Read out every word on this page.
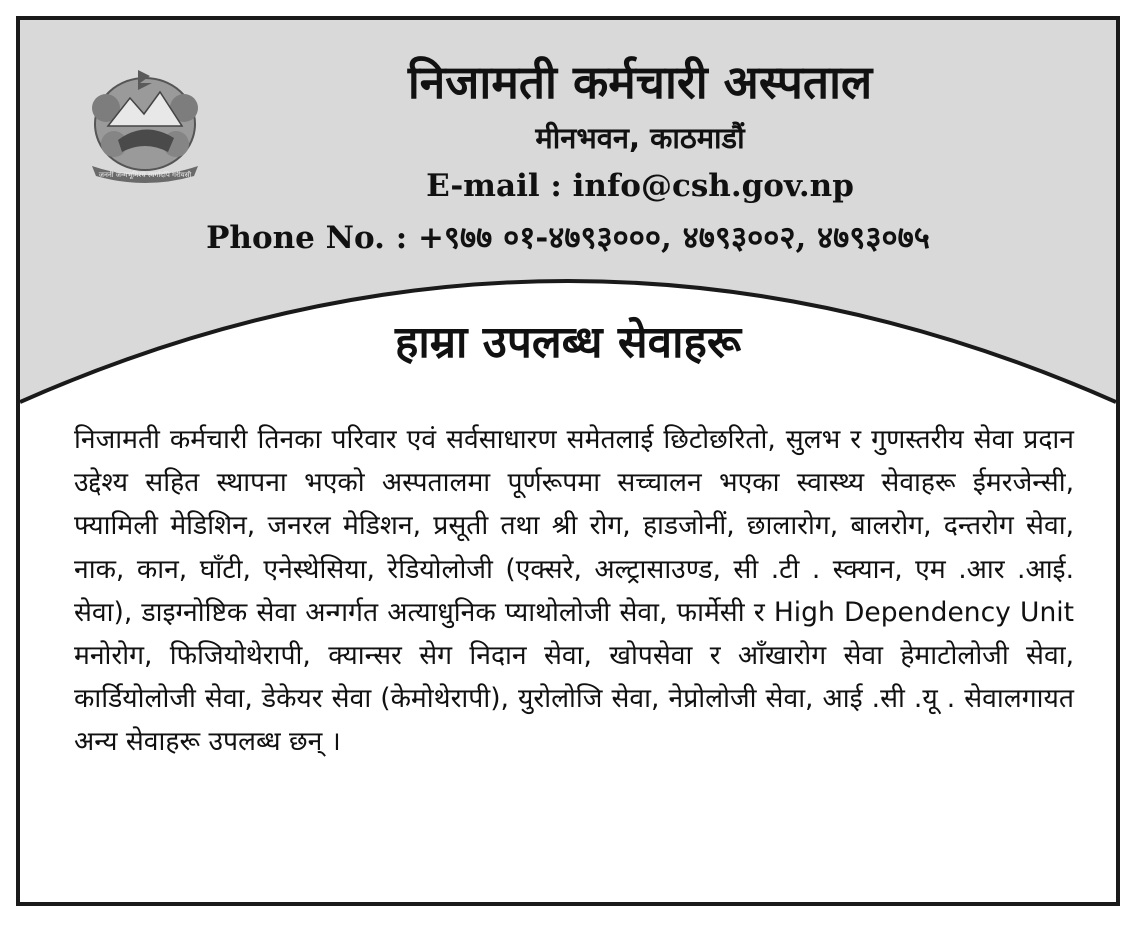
जननी जन्मभूमिश्च स्वर्गादपि गरीयसी
निजामती कर्मचारी अस्पताल
मीनभवन, काठमाडौं
E-mail : info@csh.gov.np
Phone No. : +९७७ ०१-४७९३०००, ४७९३००२, ४७९३०७५
हाम्रा उपलब्ध सेवाहरू

निजामती कर्मचारी तिनका परिवार एवं सर्वसाधारण समेतलाई छिटोछरितो, सुलभ र गुणस्तरीय सेवा प्रदान उद्देश्य सहित स्थापना भएको अस्पतालमा पूर्णरूपमा सच्चालन भएका स्वास्थ्य सेवाहरू ईमरजेन्सी, फ्यामिली मेडिशिन, जनरल मेडिशन, प्रसूती तथा श्री रोग, हाडजोनीं, छालारोग, बालरोग, दन्तरोग सेवा, नाक, कान, घाँटी, एनेस्थेसिया, रेडियोलोजी (एक्सरे, अल्ट्रासाउण्ड, सी .टी . स्क्यान, एम .आर .आई. सेवा), डाइग्नोष्टिक सेवा अन्गर्गत अत्याधुनिक प्याथोलोजी सेवा, फार्मेसी र High Dependency Unit मनोरोग, फिजियोथेरापी, क्यान्सर सेग निदान सेवा, खोपसेवा र आँखारोग सेवा हेमाटोलोजी सेवा, कार्डियोलोजी सेवा, डेकेयर सेवा (केमोथेरापी), युरोलोजि सेवा, नेप्रोलोजी सेवा, आई .सी .यू . सेवालगायत अन्य सेवाहरू उपलब्ध छन् ।
